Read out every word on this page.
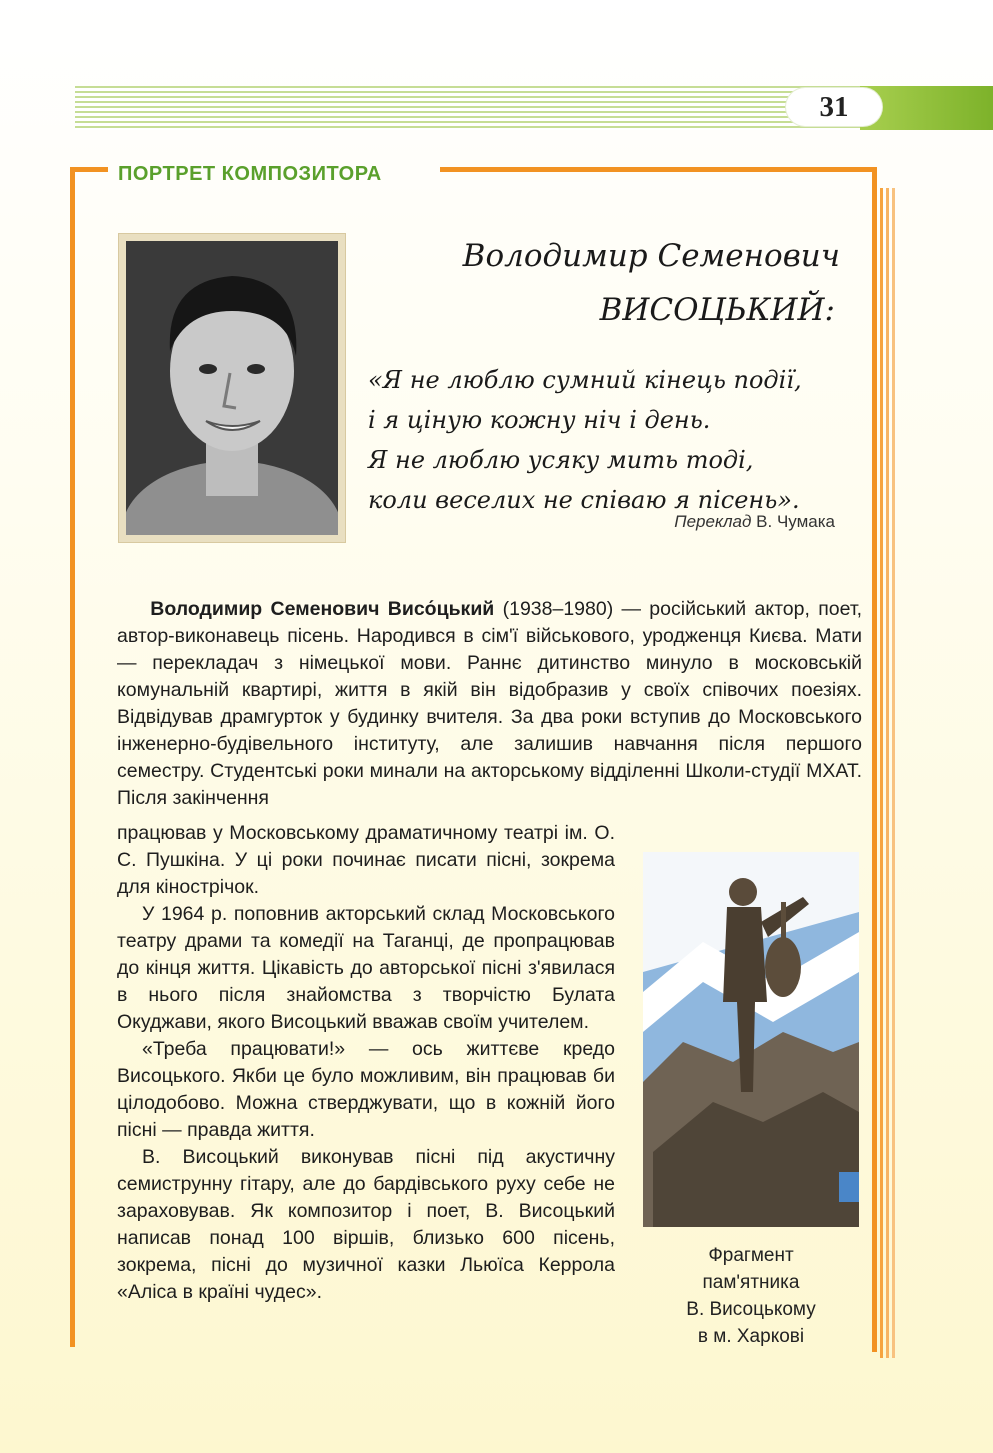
31
ПОРТРЕТ КОМПОЗИТОРА
Володимир Семенович
ВИСОЦЬКИЙ:
«Я не люблю сумний кінець події,
і я ціную кожну ніч і день.
Я не люблю усяку мить тоді,
коли веселих не співаю я пісень».
Переклад В. Чумака

Володимир Семенович Висо́цький (1938–1980) — російський актор, поет, автор-виконавець пісень. Народився в сім'ї військового, уродженця Києва. Мати — перекладач з німецької мови. Раннє дитинство минуло в московській комунальній квартирі, життя в якій він відобразив у своїх співочих поезіях. Відвідував драмгурток у будинку вчителя. За два роки вступив до Московського інженерно-будівельного інституту, але залишив навчання після першого семестру. Студентські роки минали на акторському відділенні Школи-студії МХАТ. Після закінчення

працював у Московському драматичному театрі ім. О. С. Пушкіна. У ці роки починає писати пісні, зокрема для кінострічок.

У 1964 р. поповнив акторський склад Московського театру драми та комедії на Таганці, де пропрацював до кінця життя. Цікавість до авторської пісні з'явилася в нього після знайомства з творчістю Булата Окуджави, якого Висоцький вважав своїм учителем.

«Треба працювати!» — ось життєве кредо Висоцького. Якби це було можливим, він працював би цілодобово. Можна стверджувати, що в кожній його пісні — правда життя.

В. Висоцький виконував пісні під акустичну семиструнну гітару, але до бардівського руху себе не зараховував. Як композитор і поет, В. Висоцький написав понад 100 віршів, близько 600 пісень, зокрема, пісні до музичної казки Льюїса Керрола «Аліса в країні чудес».

Фрагмент
пам'ятника
В. Висоцькому
в м. Харкові
